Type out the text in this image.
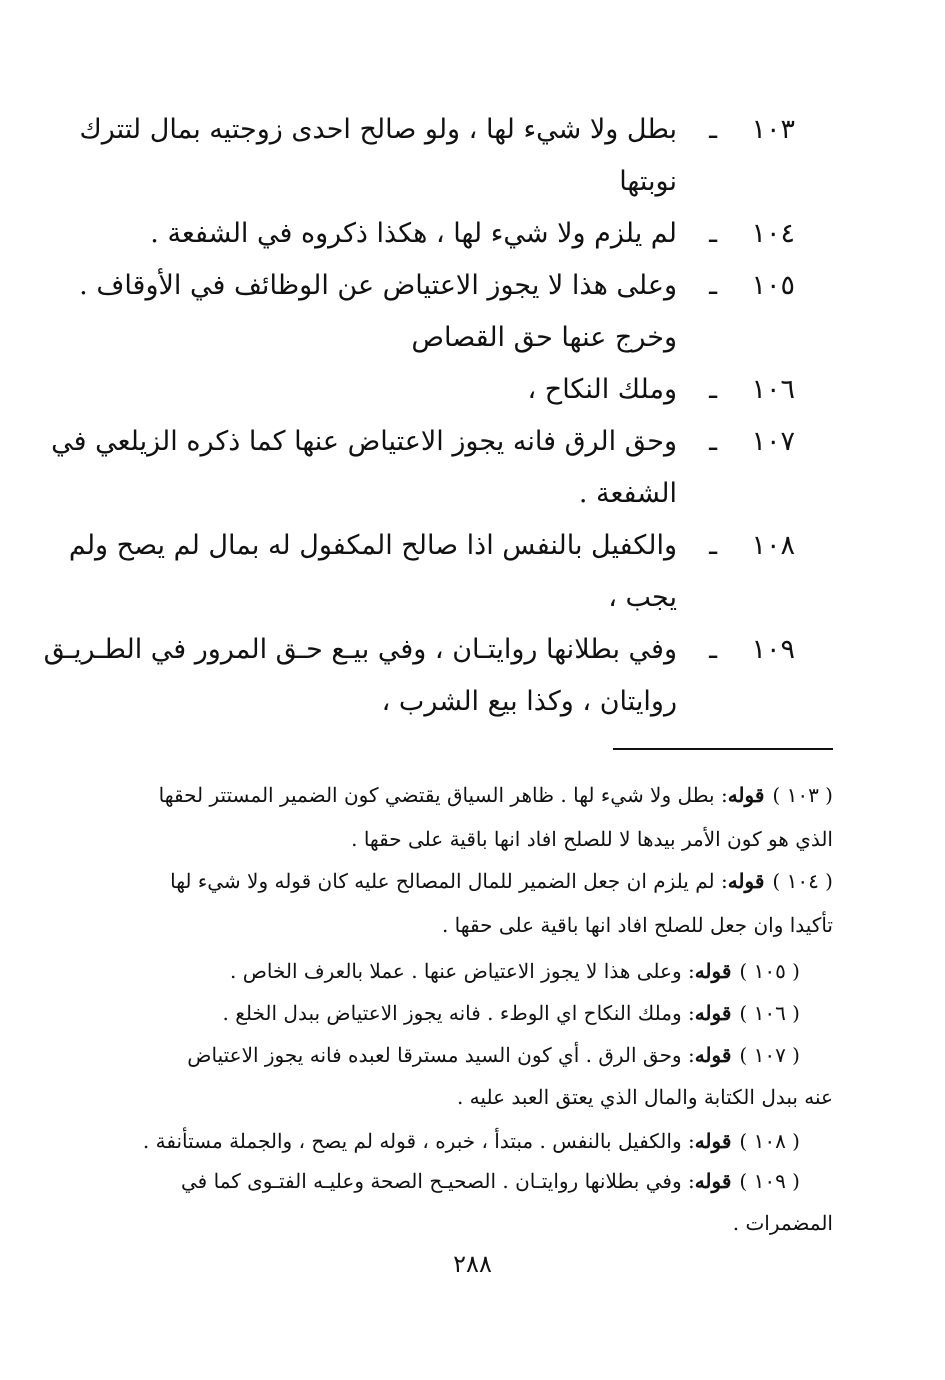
١٠٣
ـ
بطل ولا شيء لها ، ولو صالح احدى زوجتيه بمال لتترك
نوبتها
١٠٤
ـ
لم يلزم ولا شيء لها ، هكذا ذكروه في الشفعة .
١٠٥
ـ
وعلى هذا لا يجوز الاعتياض عن الوظائف في الأوقاف .
وخرج عنها حق القصاص
١٠٦
ـ
وملك النكاح ،
١٠٧
ـ
وحق الرق فانه يجوز الاعتياض عنها كما ذكره الزيلعي في
الشفعة .
١٠٨
ـ
والكفيل بالنفس اذا صالح المكفول له بمال لم يصح ولم
يجب ،
١٠٩
ـ
وفي بطلانها روايتـان ، وفي بيـع حـق المرور في الطـريـق
روايتان ، وكذا بيع الشرب ،
( ١٠٣ )قوله: بطل ولا شيء لها . ظاهر السياق يقتضي كون الضمير المستتر لحقها
الذي هو كون الأمر بيدها لا للصلح افاد انها باقية على حقها .
( ١٠٤ )قوله: لم يلزم ان جعل الضمير للمال المصالح عليه كان قوله ولا شيء لها
تأكيدا وان جعل للصلح افاد انها باقية على حقها .
( ١٠٥ )قوله: وعلى هذا لا يجوز الاعتياض عنها . عملا بالعرف الخاص .
( ١٠٦ )قوله: وملك النكاح اي الوطء . فانه يجوز الاعتياض ببدل الخلع .
( ١٠٧ )قوله: وحق الرق . أي كون السيد مسترقا لعبده فانه يجوز الاعتياض
عنه ببدل الكتابة والمال الذي يعتق العبد عليه .
( ١٠٨ )قوله: والكفيل بالنفس . مبتدأ ، خبره ، قوله لم يصح ، والجملة مستأنفة .
( ١٠٩ )قوله: وفي بطلانها روايتـان . الصحيـح الصحة وعليـه الفتـوى كما في
المضمرات .
٢٨٨
